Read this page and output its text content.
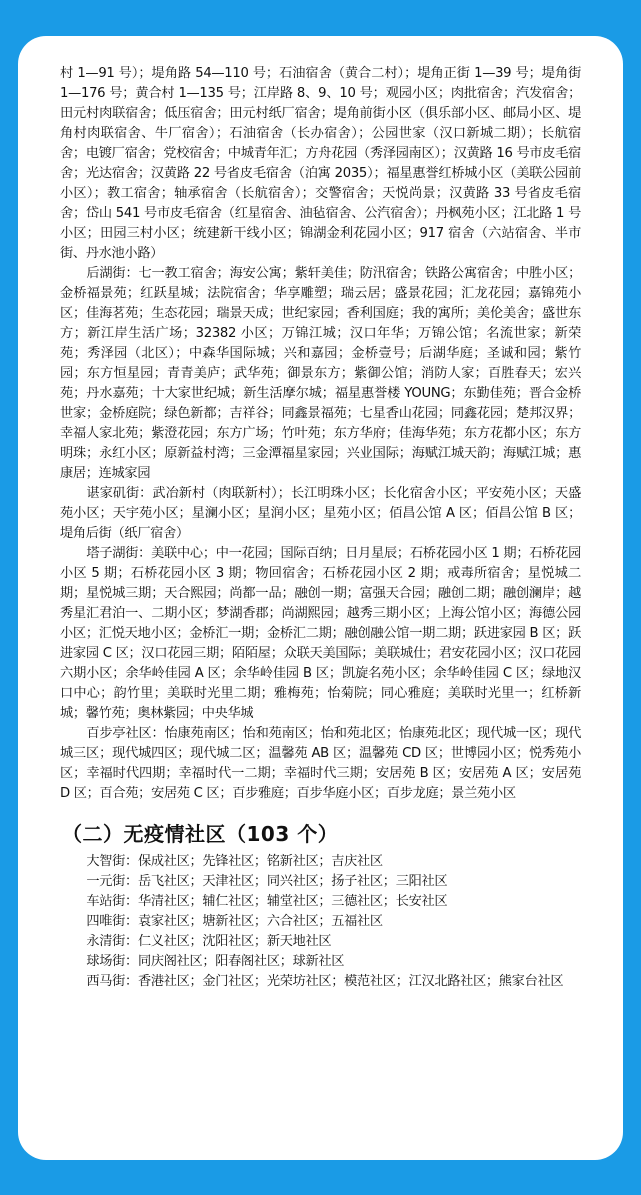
村 1—91 号）；堤角路 54—110 号；石油宿舍（黄合二村）；堤角正街 1—39 号；堤角街 1—176 号；黄合村 1—135 号；江岸路 8、9、10 号；观园小区；肉批宿舍；汽发宿舍；田元村肉联宿舍；低压宿舍；田元村纸厂宿舍；堤角前街小区（俱乐部小区、邮局小区、堤角村肉联宿舍、牛厂宿舍）；石油宿舍（长办宿舍）；公园世家（汉口新城二期）；长航宿舍；电镀厂宿舍；党校宿舍；中城青年汇；方舟花园（秀泽园南区）；汉黄路 16 号市皮毛宿舍；光达宿舍；汉黄路 22 号省皮毛宿舍（泊寓 2035）；福星惠誉红桥城小区（美联公园前小区）；教工宿舍；轴承宿舍（长航宿舍）；交警宿舍；天悦尚景；汉黄路 33 号省皮毛宿舍；岱山 541 号市皮毛宿舍（红星宿舍、油毡宿舍、公汽宿舍）；丹枫苑小区；江北路 1 号小区；田园三村小区；统建新干线小区；锦湖金利花园小区；917 宿舍（六站宿舍、半市街、丹水池小路）

后湖街：七一教工宿舍；海安公寓；紫轩美佳；防汛宿舍；铁路公寓宿舍；中胜小区；金桥福景苑；红跃星城；法院宿舍；华享雕塑；瑞云居；盛景花园；汇龙花园；嘉锦苑小区；佳海茗苑；生态花园；瑞景天成；世纪家园；香利国庭；我的寓所；美伦美舍；盛世东方；新江岸生活广场；32382 小区；万锦江城；汉口年华；万锦公馆；名流世家；新荣苑；秀泽园（北区）；中森华国际城；兴和嘉园；金桥壹号；后湖华庭；圣诚和园；紫竹园；东方恒星园；青青美庐；武华苑；御景东方；紫御公馆；消防人家；百胜春天；宏兴苑；丹水嘉苑；十大家世纪城；新生活摩尔城；福星惠誉楼 YOUNG；东勤佳苑；晋合金桥世家；金桥庭院；绿色新都；吉祥谷；同鑫景福苑；七星香山花园；同鑫花园；楚邦汉界；幸福人家北苑；紫澄花园；东方广场；竹叶苑；东方华府；佳海华苑；东方花都小区；东方明珠；永红小区；原新益村湾；三金潭福星家园；兴业国际；海赋江城天韵；海赋江城；惠康居；连城家园

谌家矶街：武冶新村（肉联新村）；长江明珠小区；长化宿舍小区；平安苑小区；天盛苑小区；天宇苑小区；星澜小区；星润小区；星苑小区；佰昌公馆 A 区；佰昌公馆 B 区；堤角后街（纸厂宿舍）

塔子湖街：美联中心；中一花园；国际百纳；日月星辰；石桥花园小区 1 期；石桥花园小区 5 期；石桥花园小区 3 期；物回宿舍；石桥花园小区 2 期；戒毒所宿舍；星悦城二期；星悦城三期；天合熙园；尚都一品；融创一期；富强天合园；融创二期；融创澜岸；越秀星汇君泊一、二期小区；梦湖香郡；尚湖熙园；越秀三期小区；上海公馆小区；海德公园小区；汇悦天地小区；金桥汇一期；金桥汇二期；融创融公馆一期二期；跃进家园 B 区；跃进家园 C 区；汉口花园三期；陌陌屋；众联天美国际；美联城仕；君安花园小区；汉口花园六期小区；余华岭佳园 A 区；余华岭佳园 B 区；凯旋名苑小区；余华岭佳园 C 区；绿地汉口中心；韵竹里；美联时光里二期；雅梅苑；怡菊院；同心雅庭；美联时光里一；红桥新城；馨竹苑；奥林紫园；中央华城

百步亭社区：怡康苑南区；怡和苑南区；怡和苑北区；怡康苑北区；现代城一区；现代城三区；现代城四区；现代城二区；温馨苑 AB 区；温馨苑 CD 区；世博园小区；悦秀苑小区；幸福时代四期；幸福时代一二期；幸福时代三期；安居苑 B 区；安居苑 A 区；安居苑 D 区；百合苑；安居苑 C 区；百步雅庭；百步华庭小区；百步龙庭；景兰苑小区

（二）无疫情社区（103 个）

大智街：保成社区；先锋社区；铭新社区；吉庆社区

一元街：岳飞社区；天津社区；同兴社区；扬子社区；三阳社区

车站街：华清社区；辅仁社区；辅堂社区；三德社区；长安社区

四唯街：袁家社区；塘新社区；六合社区；五福社区

永清街：仁义社区；沈阳社区；新天地社区

球场街：同庆阁社区；阳春阁社区；球新社区

西马街：香港社区；金门社区；光荣坊社区；模范社区；江汉北路社区；熊家台社区
